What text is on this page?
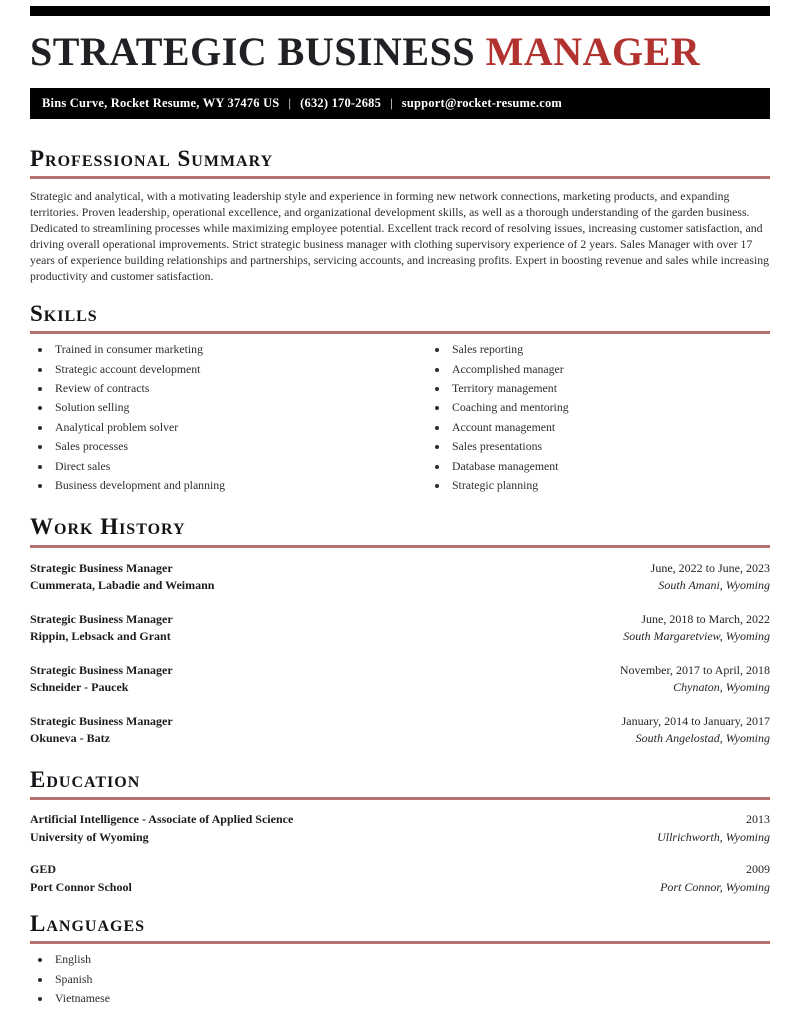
STRATEGIC BUSINESS MANAGER
Bins Curve, Rocket Resume, WY 37476 US | (632) 170-2685 | support@rocket-resume.com
Professional Summary

Strategic and analytical, with a motivating leadership style and experience in forming new network connections, marketing products, and expanding territories. Proven leadership, operational excellence, and organizational development skills, as well as a thorough understanding of the garden business. Dedicated to streamlining processes while maximizing employee potential. Excellent track record of resolving issues, increasing customer satisfaction, and driving overall operational improvements. Strict strategic business manager with clothing supervisory experience of 2 years. Sales Manager with over 17 years of experience building relationships and partnerships, servicing accounts, and increasing profits. Expert in boosting revenue and sales while increasing productivity and customer satisfaction.

Skills
• Trained in consumer marketing
• Strategic account development
• Review of contracts
• Solution selling
• Analytical problem solver
• Sales processes
• Direct sales
• Business development and planning
• Sales reporting
• Accomplished manager
• Territory management
• Coaching and mentoring
• Account management
• Sales presentations
• Database management
• Strategic planning
Work History
Strategic Business Manager
Cummerata, Labadie and Weimann
June, 2022 to June, 2023
South Amani, Wyoming
Strategic Business Manager
Rippin, Lebsack and Grant
June, 2018 to March, 2022
South Margaretview, Wyoming
Strategic Business Manager
Schneider - Paucek
November, 2017 to April, 2018
Chynaton, Wyoming
Strategic Business Manager
Okuneva - Batz
January, 2014 to January, 2017
South Angelostad, Wyoming
Education
Artificial Intelligence - Associate of Applied Science
University of Wyoming
2013
Ullrichworth, Wyoming
GED
Port Connor School
2009
Port Connor, Wyoming
Languages
• English
• Spanish
• Vietnamese
